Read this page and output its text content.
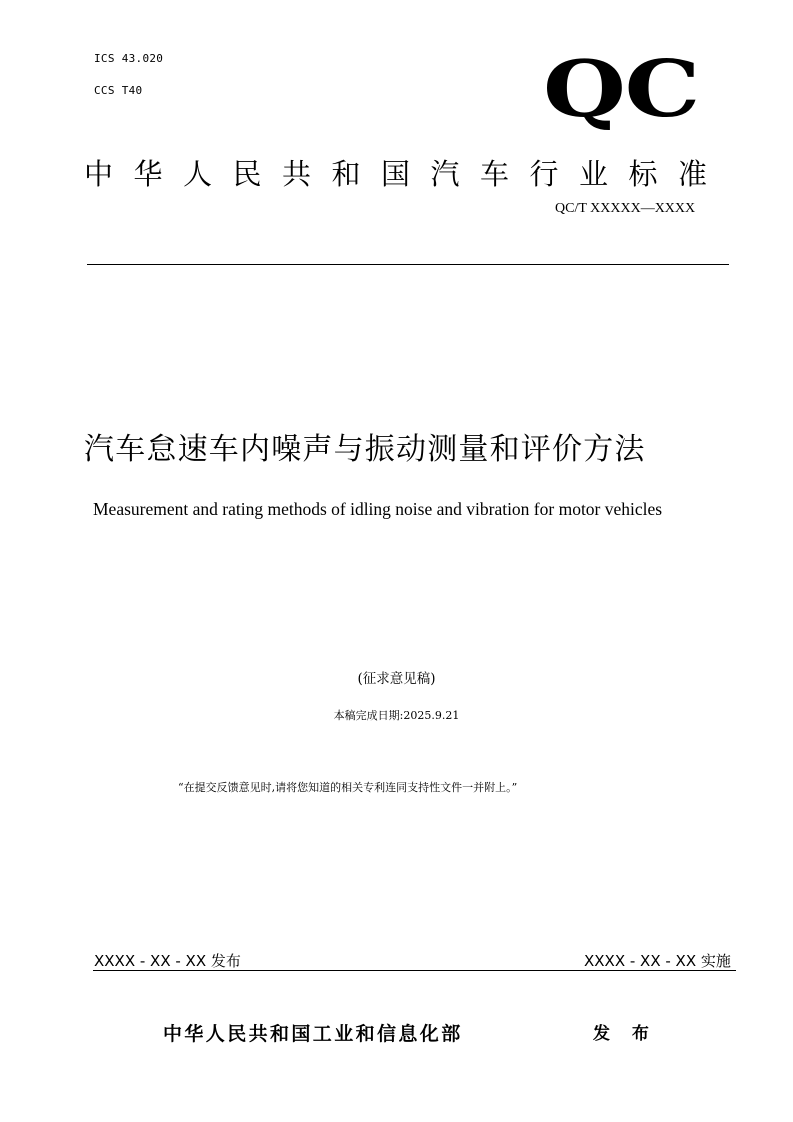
ICS 43.020
CCS T40	QC
中华人民共和国汽车行业标准
QC/T XXXXX—XXXX
汽车怠速车内噪声与振动测量和评价方法
Measurement and rating methods of idling noise and vibration for motor vehicles
(征求意见稿)
本稿完成日期:2025.9.21
“在提交反馈意见时,请将您知道的相关专利连同支持性文件一并附上。”
XXXX - XX - XX 发布	XXXX - XX - XX 实施
中华人民共和国工业和信息化部	发 布
